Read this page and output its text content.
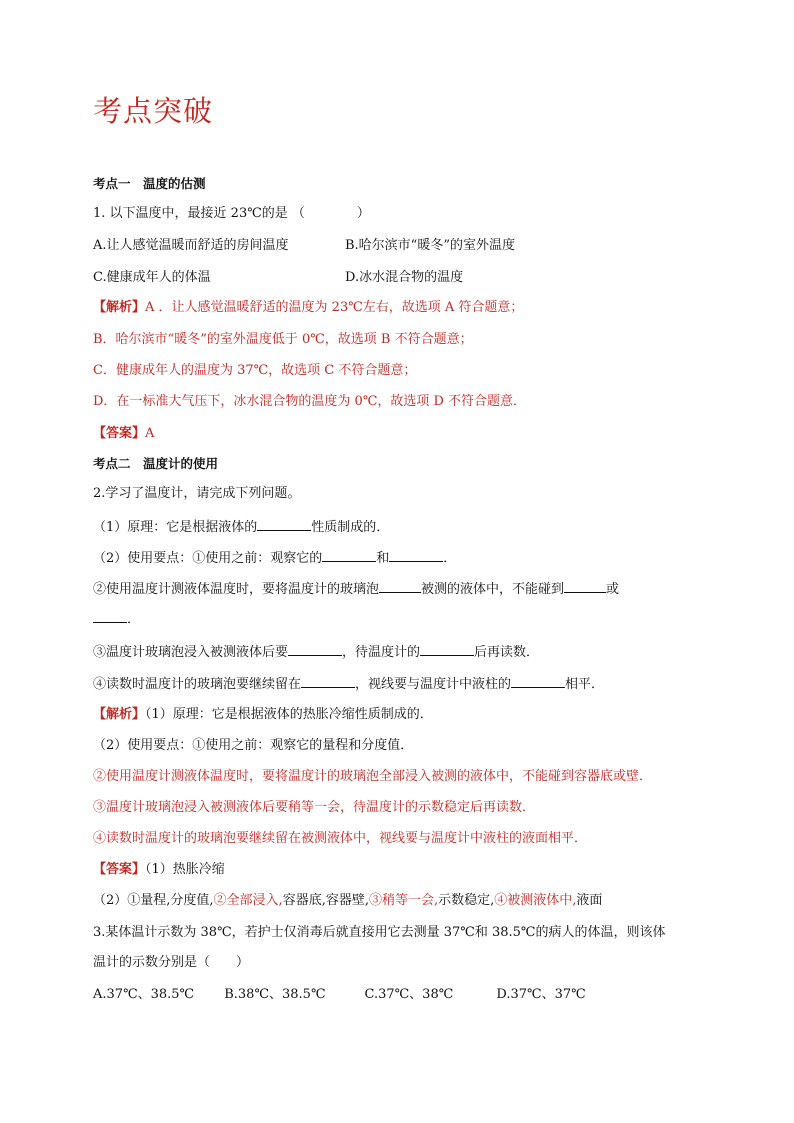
考点突破
考点一　温度的估测
1. 以下温度中，最接近 23℃的是 （　　　　）
A.让人感觉温暖而舒适的房间温度	B.哈尔滨市“暖冬”的室外温度
C.健康成年人的体温	D.冰水混合物的温度
【解析】A ．让人感觉温暖舒适的温度为 23℃左右，故选项 A 符合题意；
B．哈尔滨市“暖冬”的室外温度低于 0℃，故选项 B 不符合题意；
C．健康成年人的温度为 37℃，故选项 C 不符合题意；
D．在一标准大气压下，冰水混合物的温度为 0℃，故选项 D 不符合题意．
【答案】A
考点二　温度计的使用
2.学习了温度计，请完成下列问题。
（1）原理：它是根据液体的	性质制成的．
（2）使用要点：①使用之前：观察它的	和	．
②使用温度计测液体温度时，要将温度计的玻璃泡	被测的液体中，不能碰到	或
．
③温度计玻璃泡浸入被测液体后要	，待温度计的	后再读数．
④读数时温度计的玻璃泡要继续留在	，视线要与温度计中液柱的	相平．
【解析】（1）原理：它是根据液体的热胀冷缩性质制成的．
（2）使用要点：①使用之前：观察它的量程和分度值．
②使用温度计测液体温度时，要将温度计的玻璃泡全部浸入被测的液体中，不能碰到容器底或壁．
③温度计玻璃泡浸入被测液体后要稍等一会，待温度计的示数稳定后再读数．
④读数时温度计的玻璃泡要继续留在被测液体中，视线要与温度计中液柱的液面相平．
【答案】（1）热胀冷缩
（2）①量程,分度值,②全部浸入,容器底,容器壁,③稍等一会,示数稳定,④被测液体中,液面
3.某体温计示数为 38℃，若护士仅消毒后就直接用它去测量 37℃和 38.5℃的病人的体温，则该体
温计的示数分别是（　　）
A.37℃、38.5℃　　 B.38℃、38.5℃　　　C.37℃、38℃　　　 D.37℃、37℃
